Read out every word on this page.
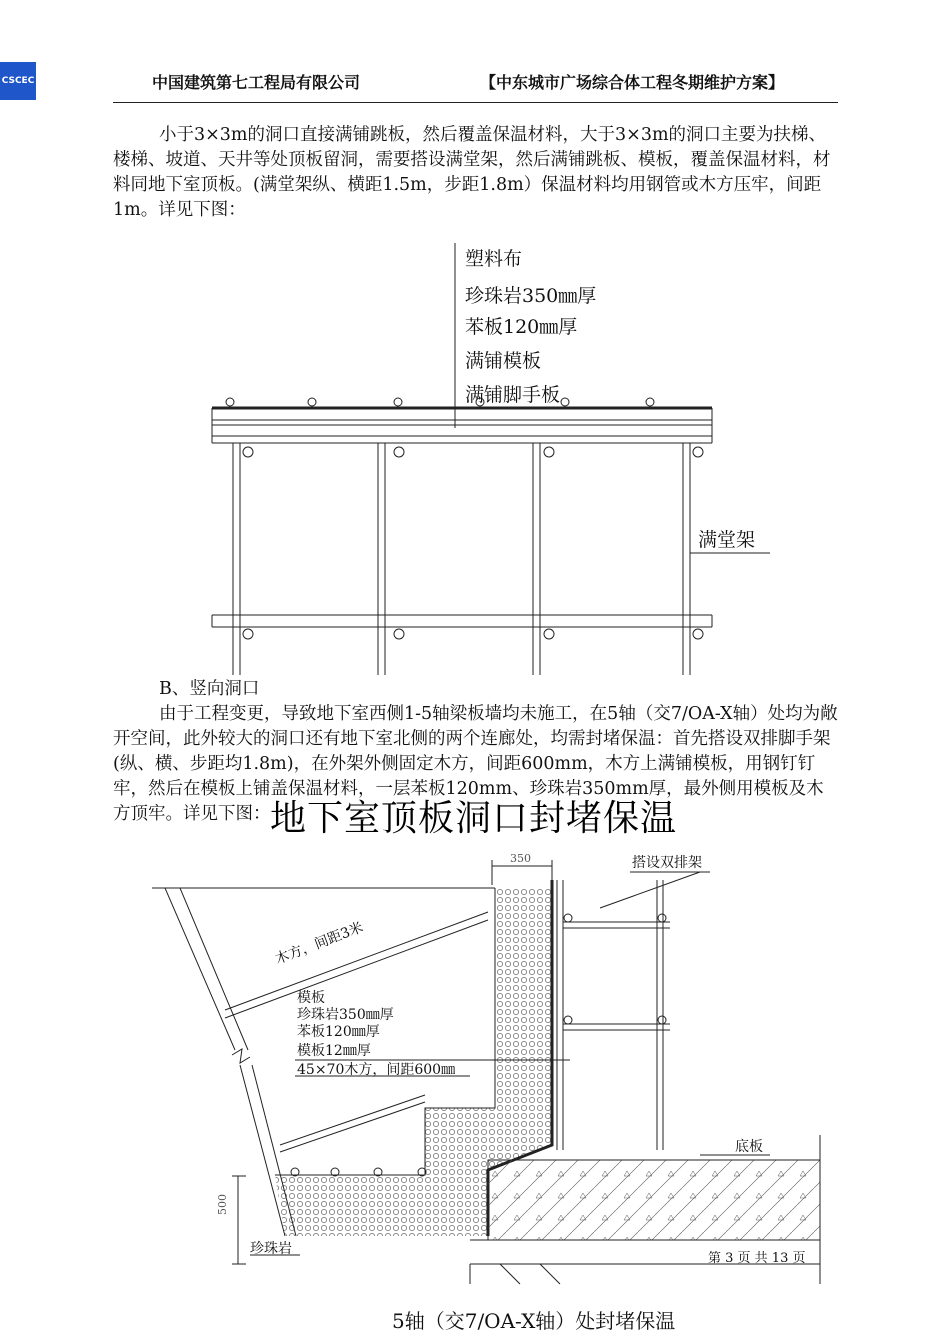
CSCEC	中国建筑第七工程局有限公司	【中东城市广场综合体工程冬期维护方案】

小于3×3m的洞口直接满铺跳板，然后覆盖保温材料，大于3×3m的洞口主要为扶梯、楼梯、坡道、天井等处顶板留洞，需要搭设满堂架，然后满铺跳板、模板，覆盖保温材料，材料同地下室顶板。(满堂架纵、横距1.5m，步距1.8m）保温材料均用钢管或木方压牢，间距1m。详见下图：

塑料布
珍珠岩350㎜厚
苯板120㎜厚
满铺模板
满铺脚手板
满堂架

B、竖向洞口

由于工程变更，导致地下室西侧1-5轴梁板墙均未施工，在5轴（交7/OA-X轴）处均为敞开空间，此外较大的洞口还有地下室北侧的两个连廊处，均需封堵保温：首先搭设双排脚手架(纵、横、步距均1.8m)，在外架外侧固定木方，间距600mm，木方上满铺模板，用钢钉钉牢，然后在模板上铺盖保温材料，一层苯板120mm、珍珠岩350mm厚，最外侧用模板及木方顶牢。详见下图： 地下室顶板洞口封堵保温
350	搭设双排架
木方，间距3米
模板
珍珠岩350㎜厚
苯板120㎜厚
模板12㎜厚
45×70木方，间距600㎜
底板
珍珠岩
500
第 3 页 共 13 页
5轴（交7/OA-X轴）处封堵保温
